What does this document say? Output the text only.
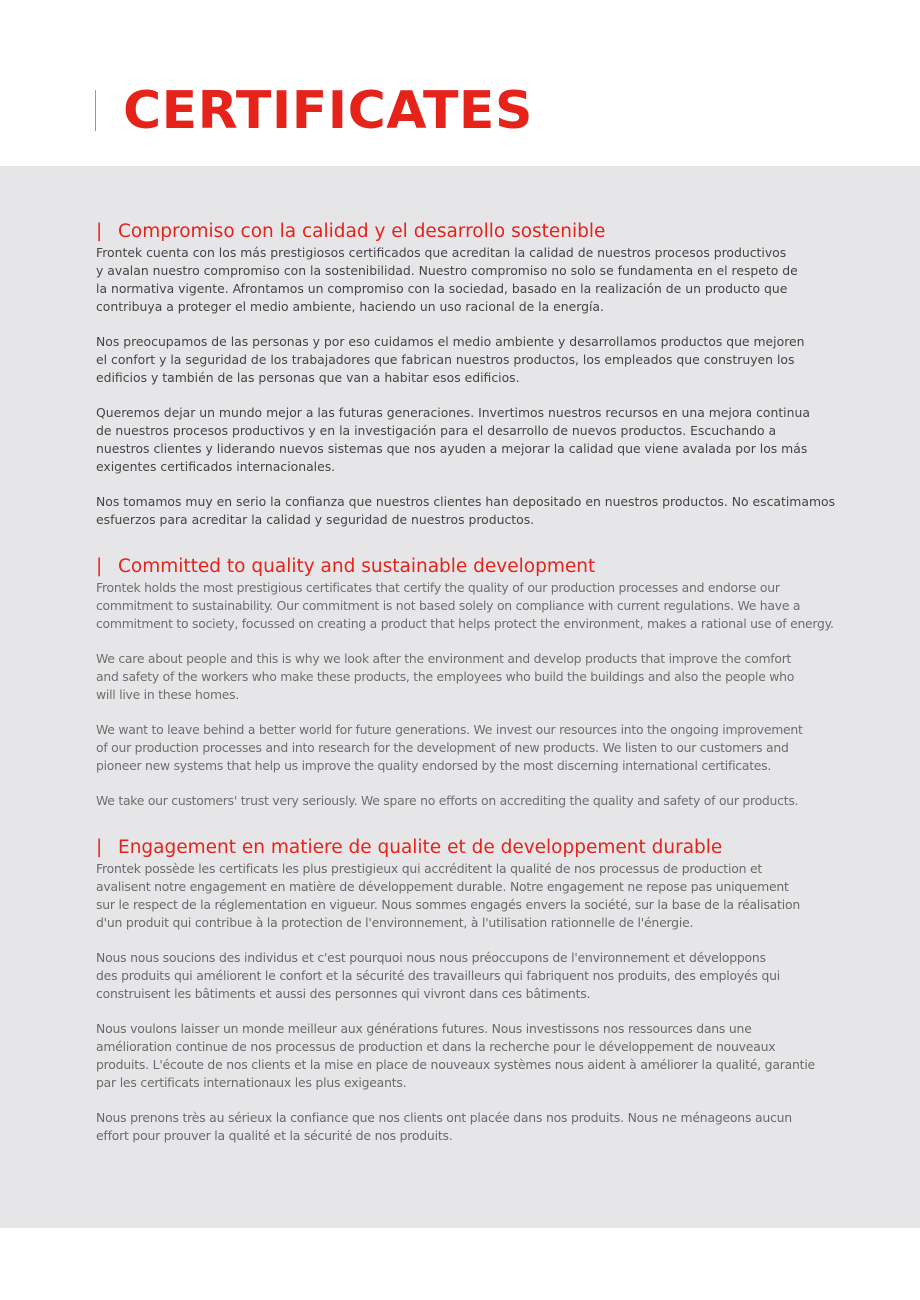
CERTIFICATES
| Compromiso con la calidad y el desarrollo sostenible
Frontek cuenta con los más prestigiosos certificados que acreditan la calidad de nuestros procesos productivos
y avalan nuestro compromiso con la sostenibilidad. Nuestro compromiso no solo se fundamenta en el respeto de
la normativa vigente. Afrontamos un compromiso con la sociedad, basado en la realización de un producto que
contribuya a proteger el medio ambiente, haciendo un uso racional de la energía.
Nos preocupamos de las personas y por eso cuidamos el medio ambiente y desarrollamos productos que mejoren
el confort y la seguridad de los trabajadores que fabrican nuestros productos, los empleados que construyen los
edificios y también de las personas que van a habitar esos edificios.
Queremos dejar un mundo mejor a las futuras generaciones. Invertimos nuestros recursos en una mejora continua
de nuestros procesos productivos y en la investigación para el desarrollo de nuevos productos. Escuchando a
nuestros clientes y liderando nuevos sistemas que nos ayuden a mejorar la calidad que viene avalada por los más
exigentes certificados internacionales.
Nos tomamos muy en serio la confianza que nuestros clientes han depositado en nuestros productos. No escatimamos
esfuerzos para acreditar la calidad y seguridad de nuestros productos.
| Committed to quality and sustainable development
Frontek holds the most prestigious certificates that certify the quality of our production processes and endorse our
commitment to sustainability. Our commitment is not based solely on compliance with current regulations. We have a
commitment to society, focussed on creating a product that helps protect the environment, makes a rational use of energy.
We care about people and this is why we look after the environment and develop products that improve the comfort
and safety of the workers who make these products, the employees who build the buildings and also the people who
will live in these homes.
We want to leave behind a better world for future generations. We invest our resources into the ongoing improvement
of our production processes and into research for the development of new products. We listen to our customers and
pioneer new systems that help us improve the quality endorsed by the most discerning international certificates.
We take our customers' trust very seriously. We spare no efforts on accrediting the quality and safety of our products.
| Engagement en matiere de qualite et de developpement durable
Frontek possède les certificats les plus prestigieux qui accréditent la qualité de nos processus de production et
avalisent notre engagement en matière de développement durable. Notre engagement ne repose pas uniquement
sur le respect de la réglementation en vigueur. Nous sommes engagés envers la société, sur la base de la réalisation
d'un produit qui contribue à la protection de l'environnement, à l'utilisation rationnelle de l'énergie.
Nous nous soucions des individus et c'est pourquoi nous nous préoccupons de l'environnement et développons
des produits qui améliorent le confort et la sécurité des travailleurs qui fabriquent nos produits, des employés qui
construisent les bâtiments et aussi des personnes qui vivront dans ces bâtiments.
Nous voulons laisser un monde meilleur aux générations futures. Nous investissons nos ressources dans une
amélioration continue de nos processus de production et dans la recherche pour le développement de nouveaux
produits. L'écoute de nos clients et la mise en place de nouveaux systèmes nous aident à améliorer la qualité, garantie
par les certificats internationaux les plus exigeants.
Nous prenons très au sérieux la confiance que nos clients ont placée dans nos produits. Nous ne ménageons aucun
effort pour prouver la qualité et la sécurité de nos produits.
